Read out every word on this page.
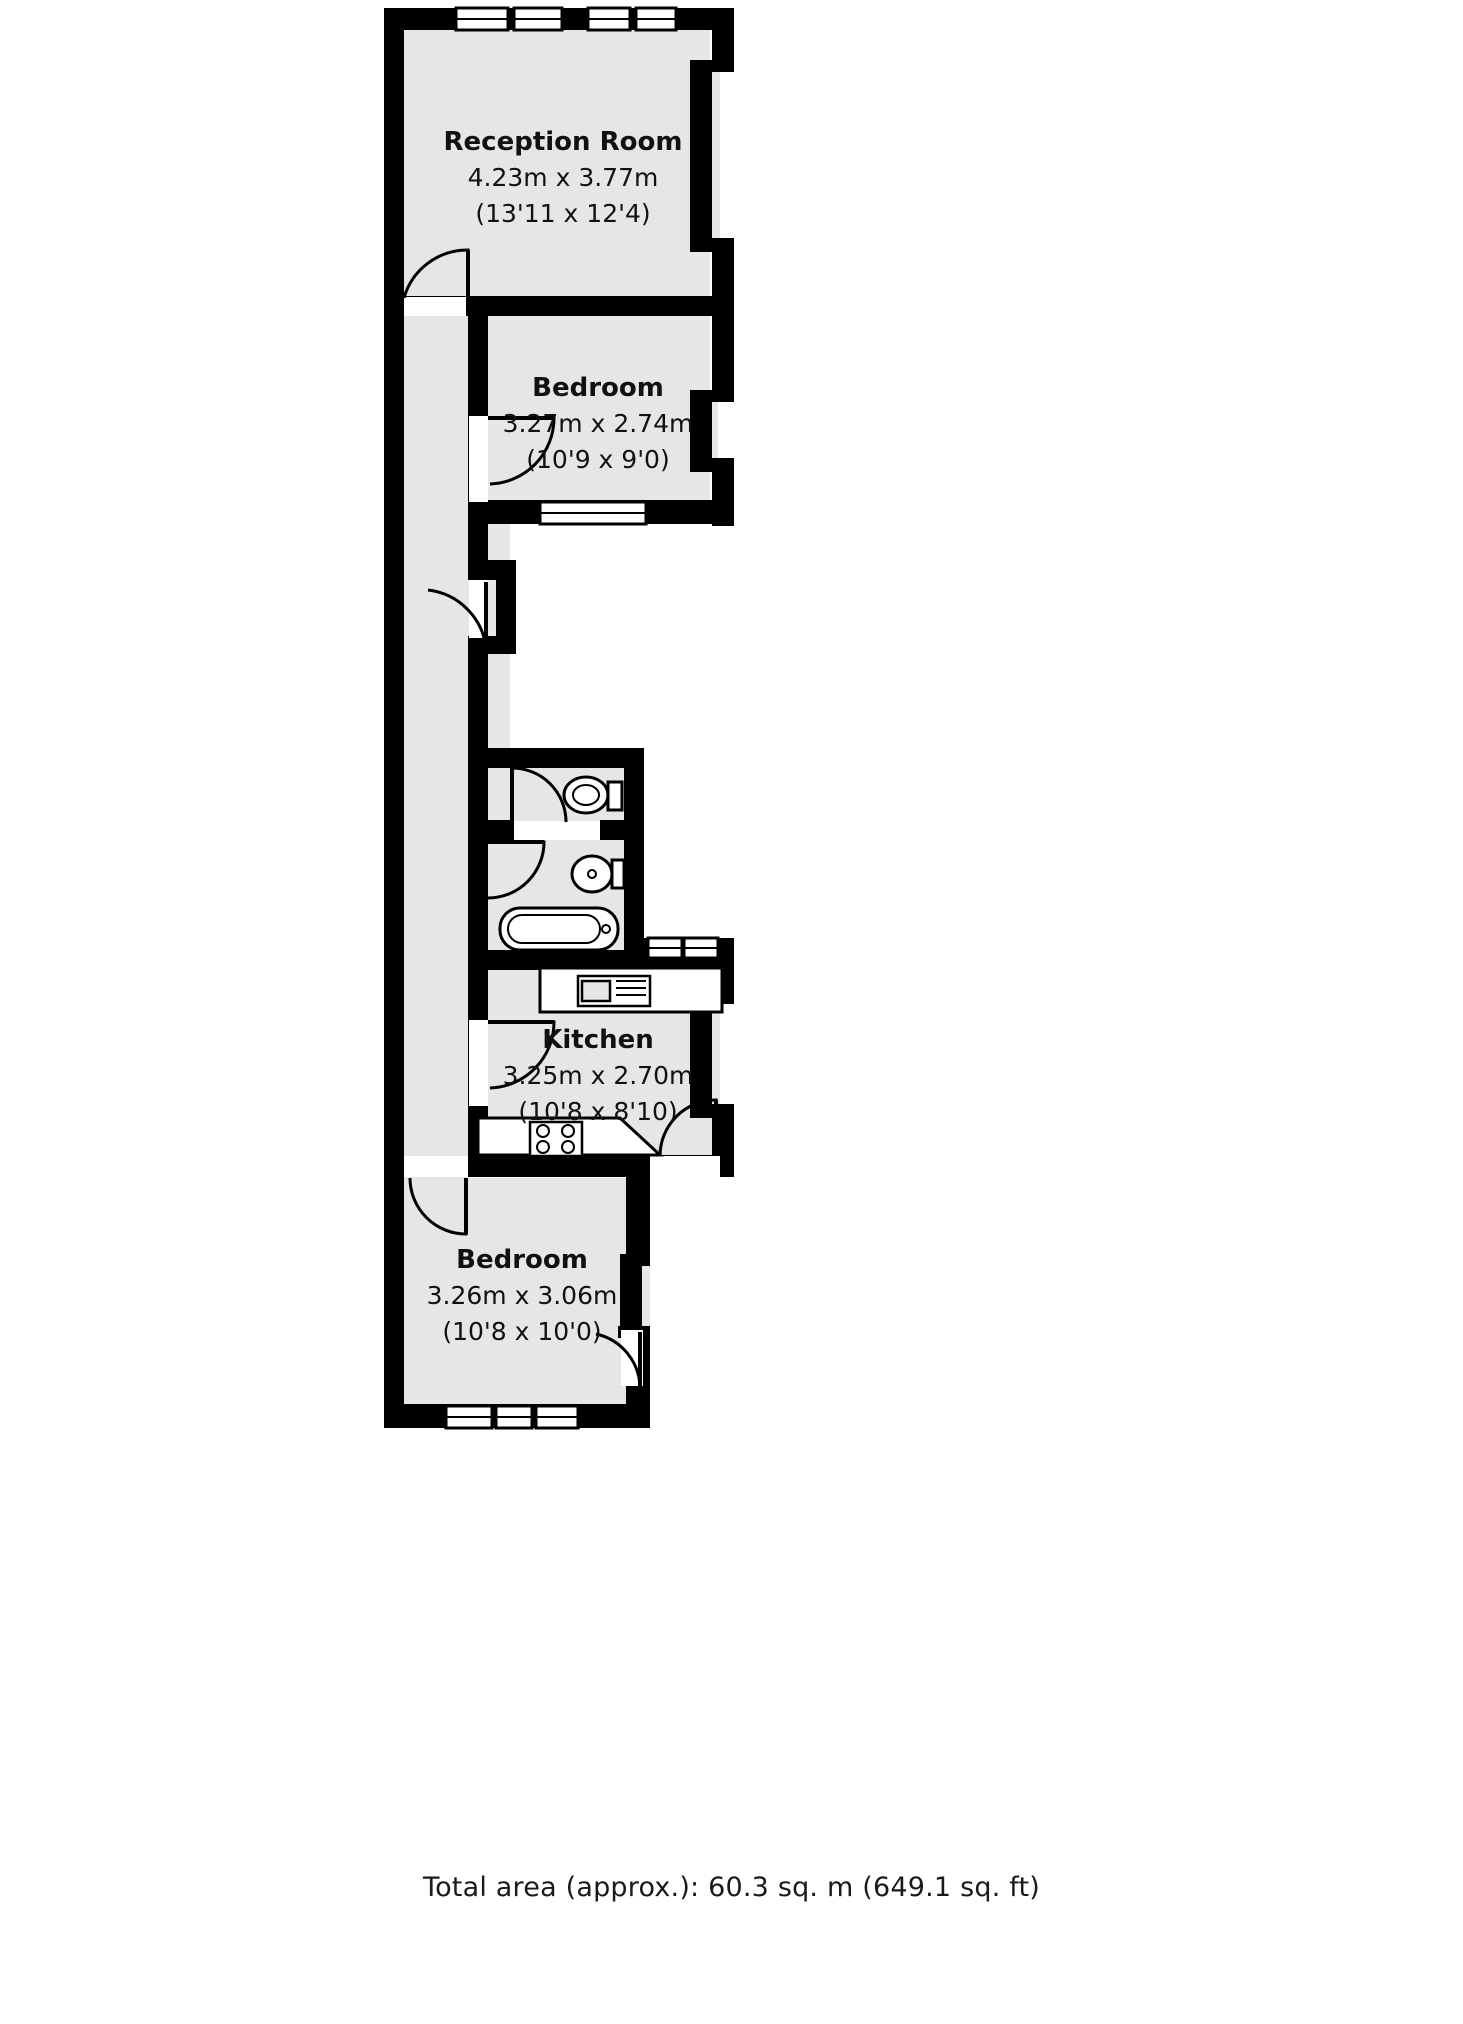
Reception Room
4.23m x 3.77m
(13'11 x 12'4)
Bedroom
3.27m x 2.74m
(10'9 x 9'0)
Kitchen
3.25m x 2.70m
(10'8 x 8'10)
Bedroom
3.26m x 3.06m
(10'8 x 10'0)
Total area (approx.): 60.3 sq. m (649.1 sq. ft)
